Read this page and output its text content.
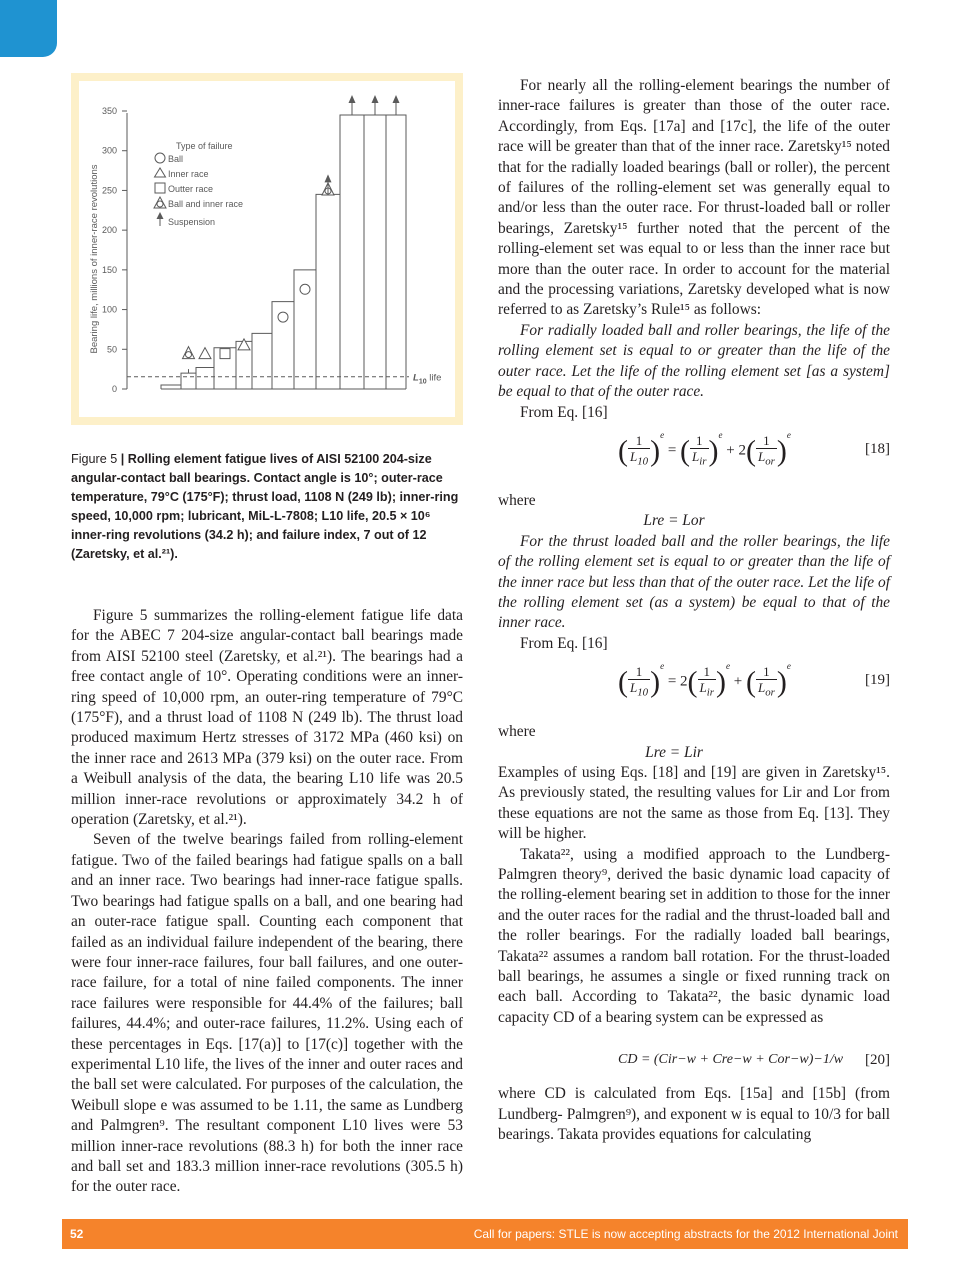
Bearing life, millions of inner-race revolutions
350
300
250
200
150
100
50
0
$L_{10}$ life
Type of failure
Ball
Inner race
Outter race
Ball and inner race
Suspension
Figure 5 | Rolling element fatigue lives of AISI 52100 204-size angular-contact ball bearings. Contact angle is 10°; outer-race temperature, 79°C (175°F); thrust load, 1108 N (249 lb); inner-ring speed, 10,000 rpm; lubricant, MiL-L-7808; L10 life, 20.5 × 10⁶ inner-ring revolutions (34.2 h); and failure index, 7 out of 12 (Zaretsky, et al.²¹).

Figure 5 summarizes the rolling-element fatigue life data for the ABEC 7 204-size angular-contact ball bearings made from AISI 52100 steel (Zaretsky, et al.²¹). The bearings had a free contact angle of 10°. Operating conditions were an inner-ring speed of 10,000 rpm, an outer-ring temperature of 79°C (175°F), and a thrust load of 1108 N (249 lb). The thrust load produced maximum Hertz stresses of 3172 MPa (460 ksi) on the inner race and 2613 MPa (379 ksi) on the outer race. From a Weibull analysis of the data, the bearing L10 life was 20.5 million inner-race revolutions or approximately 34.2 h of operation (Zaretsky, et al.²¹).

Seven of the twelve bearings failed from rolling-element fatigue. Two of the failed bearings had fatigue spalls on a ball and an inner race. Two bearings had inner-race fatigue spalls. Two bearings had fatigue spalls on a ball, and one bearing had an outer-race fatigue spall. Counting each component that failed as an individual failure independent of the bearing, there were four inner-race failures, four ball failures, and one outer-race failure, for a total of nine failed components. The inner race failures were responsible for 44.4% of the failures; ball failures, 44.4%; and outer-race failures, 11.2%. Using each of these percentages in Eqs. [17(a)] to [17(c)] together with the experimental L10 life, the lives of the inner and outer races and the ball set were calculated. For purposes of the calculation, the Weibull slope e was assumed to be 1.11, the same as Lundberg and Palmgren⁹. The resultant component L10 lives were 53 million inner-race revolutions (88.3 h) for both the inner race and ball set and 183.3 million inner-race revolutions (305.5 h) for the outer race.

For nearly all the rolling-element bearings the number of inner-race failures is greater than those of the outer race. Accordingly, from Eqs. [17a] and [17c], the life of the outer race will be greater than that of the inner race. Zaretsky¹⁵ noted that for the radially loaded bearings (ball or roller), the percent of failures of the rolling-element set was generally equal to and/or less than the outer race. For thrust-loaded ball or roller bearings, Zaretsky¹⁵ further noted that the percent of the rolling-element set was equal to or less than the inner race but more than the outer race. In order to account for the material and the processing variations, Zaretsky developed what is now referred to as Zaretsky’s Rule¹⁵ as follows:

For radially loaded ball and roller bearings, the life of the rolling element set is equal to or greater than the life of the outer race. Let the life of the rolling element set [as a system] be equal to that of the outer race.

From Eq. [16]

( $\frac{1}{L_{10}} )^e$ = ( $\frac{1}{L_{ir}} )^e + 2( \frac{1}{L_{or}} )^e$
[18]

where

Lre = Lor

For the thrust loaded ball and the roller bearings, the life of the rolling element set is equal to or greater than the life of the inner race but less than that of the outer race. Let the life of the rolling element set (as a system) be equal to that of the inner race.

From Eq. [16]

( $\frac{1}{L_{10}} )^e = 2( \frac{1}{L_{ir}} )^e$ + ( $\frac{1}{L_{or}} )^e$
[19]

where

Lre = Lir

Examples of using Eqs. [18] and [19] are given in Zaretsky¹⁵. As previously stated, the resulting values for Lir and Lor from these equations are not the same as those from Eq. [13]. They will be higher.

Takata²², using a modified approach to the Lundberg-Palmgren theory⁹, derived the basic dynamic load capacity of the rolling-element bearing set in addition to those for the inner and the outer races for the radial and the thrust-loaded ball and the roller bearings. For the radially loaded ball bearings, Takata²² assumes a random ball rotation. For the thrust-loaded ball bearings, he assumes a single or fixed running track on each ball. According to Takata²², the basic dynamic load capacity CD of a bearing system can be expressed as

CD = (Cir−w + Cre−w + Cor−w)−1/w [20]

where CD is calculated from Eqs. [15a] and [15b] (from Lundberg- Palmgren⁹), and exponent w is equal to 10/3 for ball bearings. Takata provides equations for calculating

52	Call for papers: STLE is now accepting abstracts for the 2012 International Joint
